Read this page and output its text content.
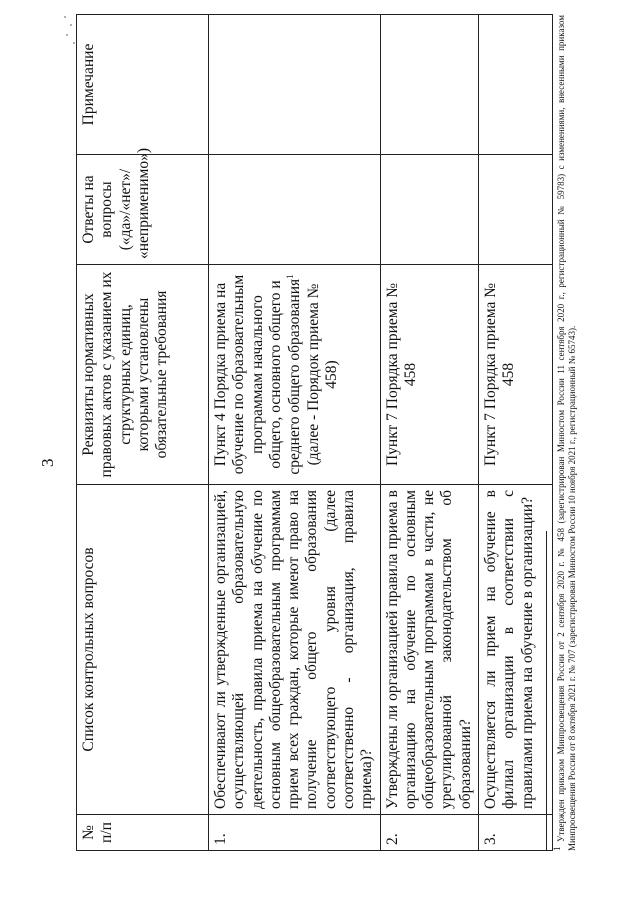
3
№ п/п	Список контрольных вопросов	Реквизиты нормативных правовых актов с указанием их структурных единиц, которыми установлены обязательные требования	Ответы на вопросы («да»/«нет»/ «неприменимо»)	Примечание
1.	Обеспечивают ли утвержденные организацией, осуществляющей образовательную деятельность, правила приема на обучение по основным общеобразовательным программам прием всех граждан, которые имеют право на получение общего образования соответствующего уровня (далее соответственно - организация, правила приема)?	Пункт 4 Порядка приема на обучение по образовательным программам начального общего, основного общего и среднего общего образования$^1$ (далее - Порядок приема № 458)		
2.	Утверждены ли организацией правила приема в организацию на обучение по основным общеобразовательным программам в части, не урегулированной законодательством об образовании?	Пункт 7 Порядка приема № 458		
3.	Осуществляется ли прием на обучение в филиал организации в соответствии с правилами приема на обучение в организации?	Пункт 7 Порядка приема № 458		
$^1$ Утвержден приказом Минпросвещения России от 2 сентября 2020 г. № 458 (зарегистрирован Минюстом России 11 сентября 2020 г., регистрационный № 59783) с изменениями, внесенными приказом Минпросвещения России от 8 октября 2021 г. № 707 (зарегистрирован Минюстом России 10 ноября 2021 г., регистрационный № 65743).
